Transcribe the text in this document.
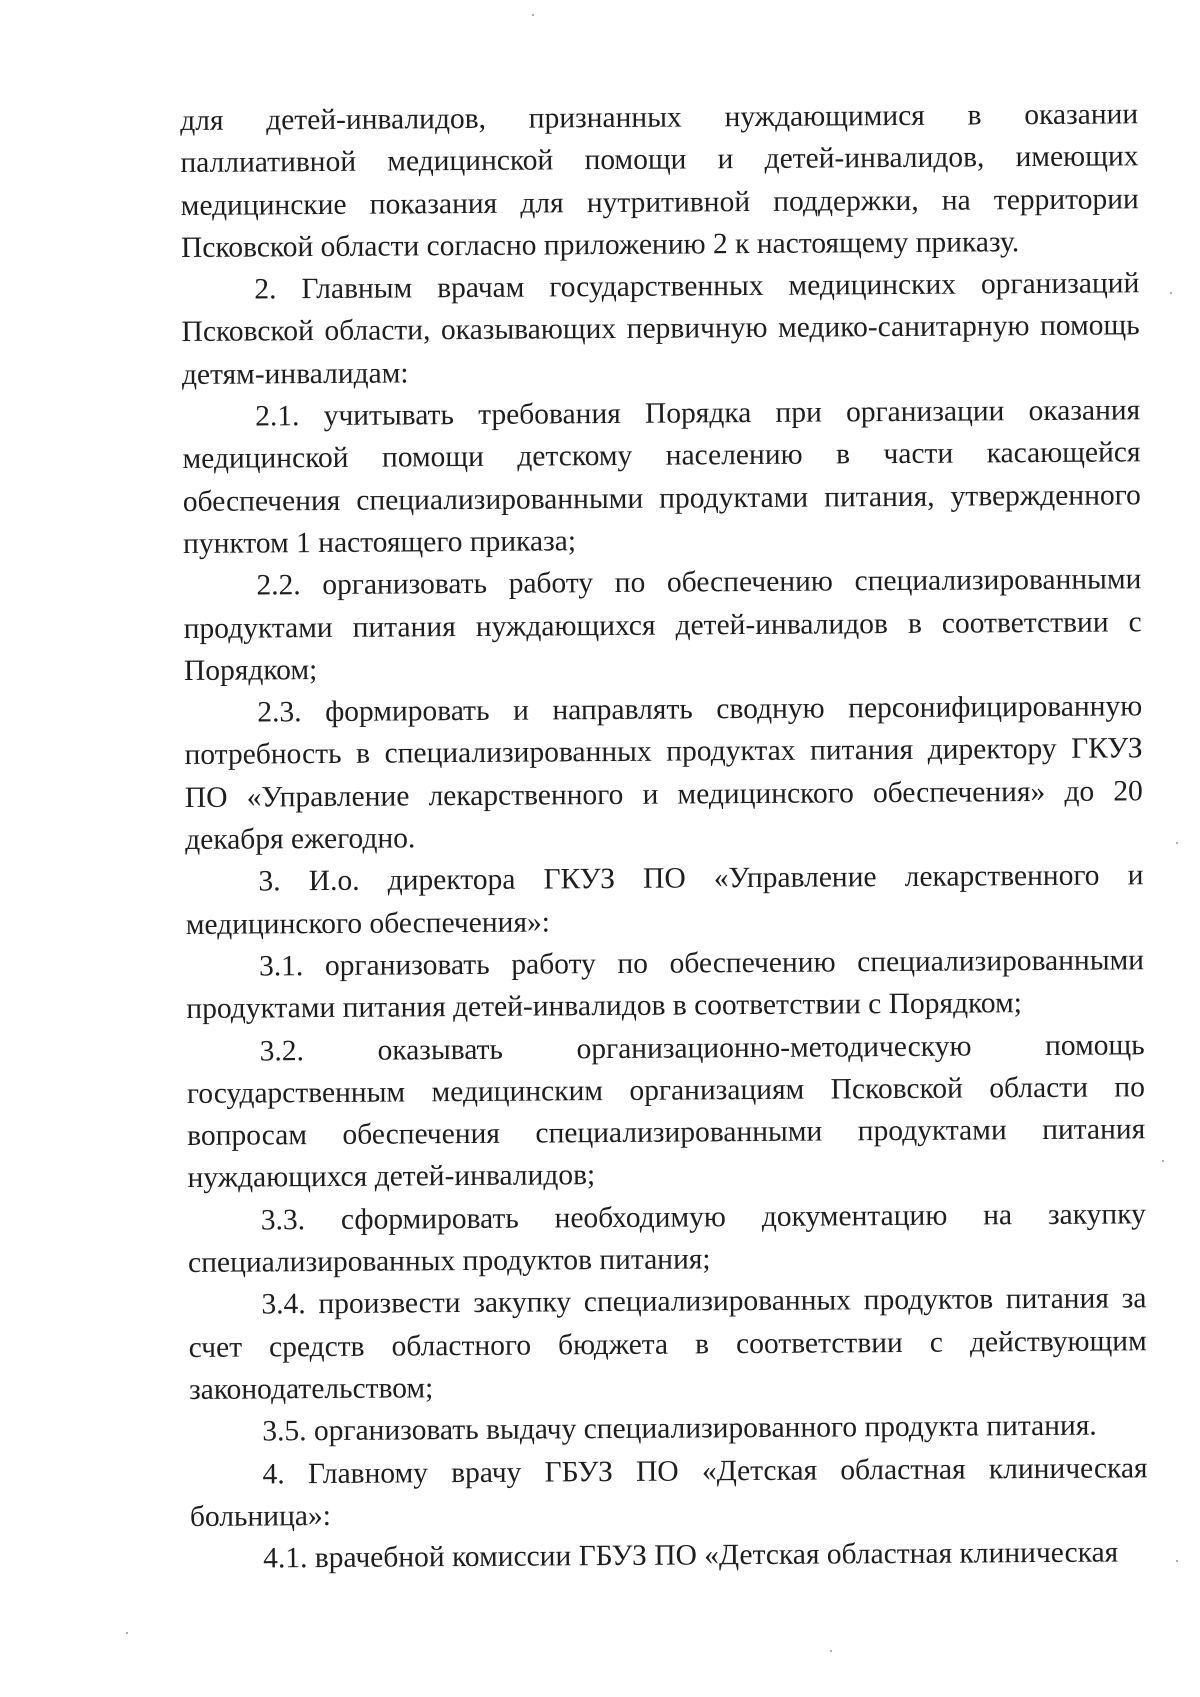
для детей-инвалидов, признанных нуждающимися в оказании паллиативной медицинской помощи и детей-инвалидов, имеющих медицинские показания для нутритивной поддержки, на территории Псковской области согласно приложению 2 к настоящему приказу.

2. Главным врачам государственных медицинских организаций Псковской области, оказывающих первичную медико-санитарную помощь детям-инвалидам:

2.1. учитывать требования Порядка при организации оказания медицинской помощи детскому населению в части касающейся обеспечения специализированными продуктами питания, утвержденного пунктом 1 настоящего приказа;

2.2. организовать работу по обеспечению специализированными продуктами питания нуждающихся детей-инвалидов в соответствии с Порядком;

2.3. формировать и направлять сводную персонифицированную потребность в специализированных продуктах питания директору ГКУЗ ПО «Управление лекарственного и медицинского обеспечения» до 20 декабря ежегодно.

3. И.о. директора ГКУЗ ПО «Управление лекарственного и медицинского обеспечения»:

3.1. организовать работу по обеспечению специализированными продуктами питания детей-инвалидов в соответствии с Порядком;

3.2. оказывать организационно-методическую помощь государственным медицинским организациям Псковской области по вопросам обеспечения специализированными продуктами питания нуждающихся детей-инвалидов;

3.3. сформировать необходимую документацию на закупку специализированных продуктов питания;

3.4. произвести закупку специализированных продуктов питания за счет средств областного бюджета в соответствии с действующим законодательством;

3.5. организовать выдачу специализированного продукта питания.

4. Главному врачу ГБУЗ ПО «Детская областная клиническая больница»:

4.1. врачебной комиссии ГБУЗ ПО «Детская областная клиническая
